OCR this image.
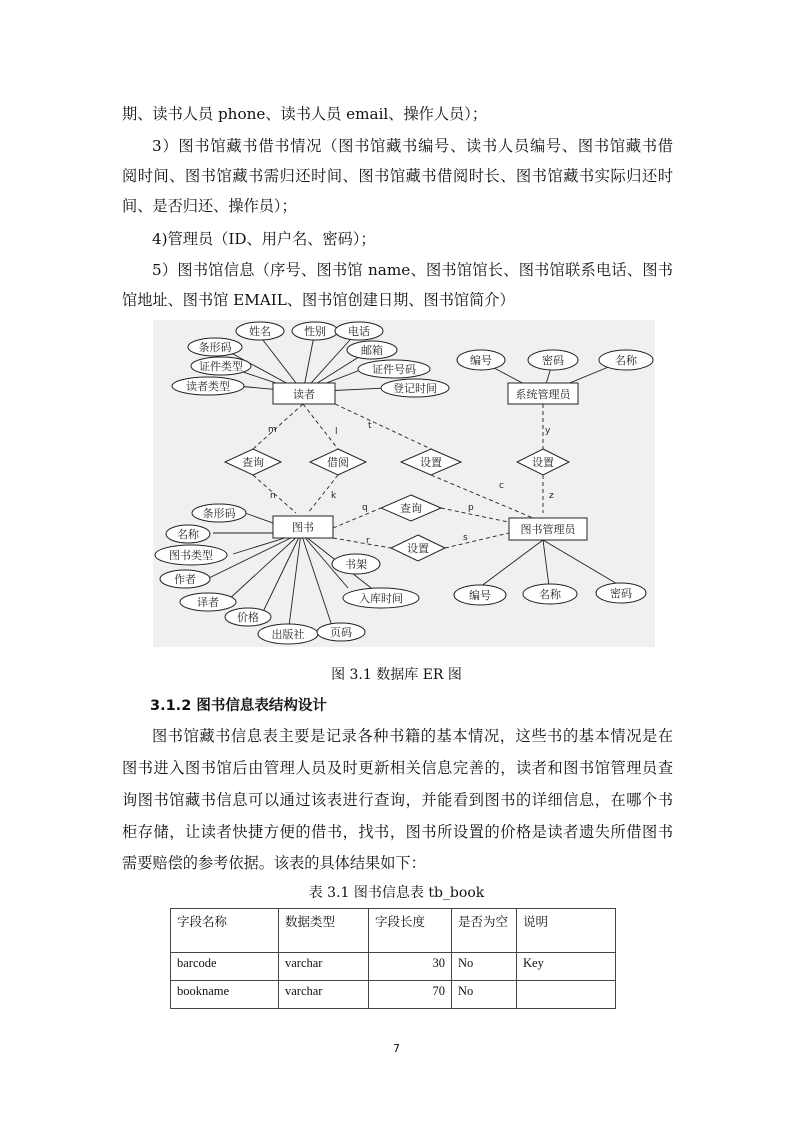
期、读书人员 phone、读书人员 email、操作人员）；
3）图书馆藏书借书情况（图书馆藏书编号、读书人员编号、图书馆藏书借
阅时间、图书馆藏书需归还时间、图书馆藏书借阅时长、图书馆藏书实际归还时
间、是否归还、操作员）；
4)管理员（ID、用户名、密码）；
5）图书馆信息（序号、图书馆 name、图书馆馆长、图书馆联系电话、图书
馆地址、图书馆 EMAIL、图书馆创建日期、图书馆简介）
读者	系统管理员
图书	图书管理员
查询	借阅	设置	设置
查询
设置
姓名	性别 电话
条形码
证件类型
读者类型
邮箱
证件号码
登记时间
编号	密码	名称
条形码
名称
图书类型
作者
译者
价格
出版社 页码
书架
入库时间	编号	名称	密码
m	l
t
n	k
q	p
r	s
c
y
z
图 3.1 数据库 ER 图
3.1.2 图书信息表结构设计
图书馆藏书信息表主要是记录各种书籍的基本情况，这些书的基本情况是在
图书进入图书馆后由管理人员及时更新相关信息完善的，读者和图书馆管理员查
询图书馆藏书信息可以通过该表进行查询，并能看到图书的详细信息，在哪个书
柜存储，让读者快捷方便的借书，找书，图书所设置的价格是读者遗失所借图书
需要赔偿的参考依据。该表的具体结果如下：
表 3.1 图书信息表 tb_book
字段名称	数据类型	字段长度	是否为空	说明
barcode	varchar	30	No	Key
bookname	varchar	70	No	
7
